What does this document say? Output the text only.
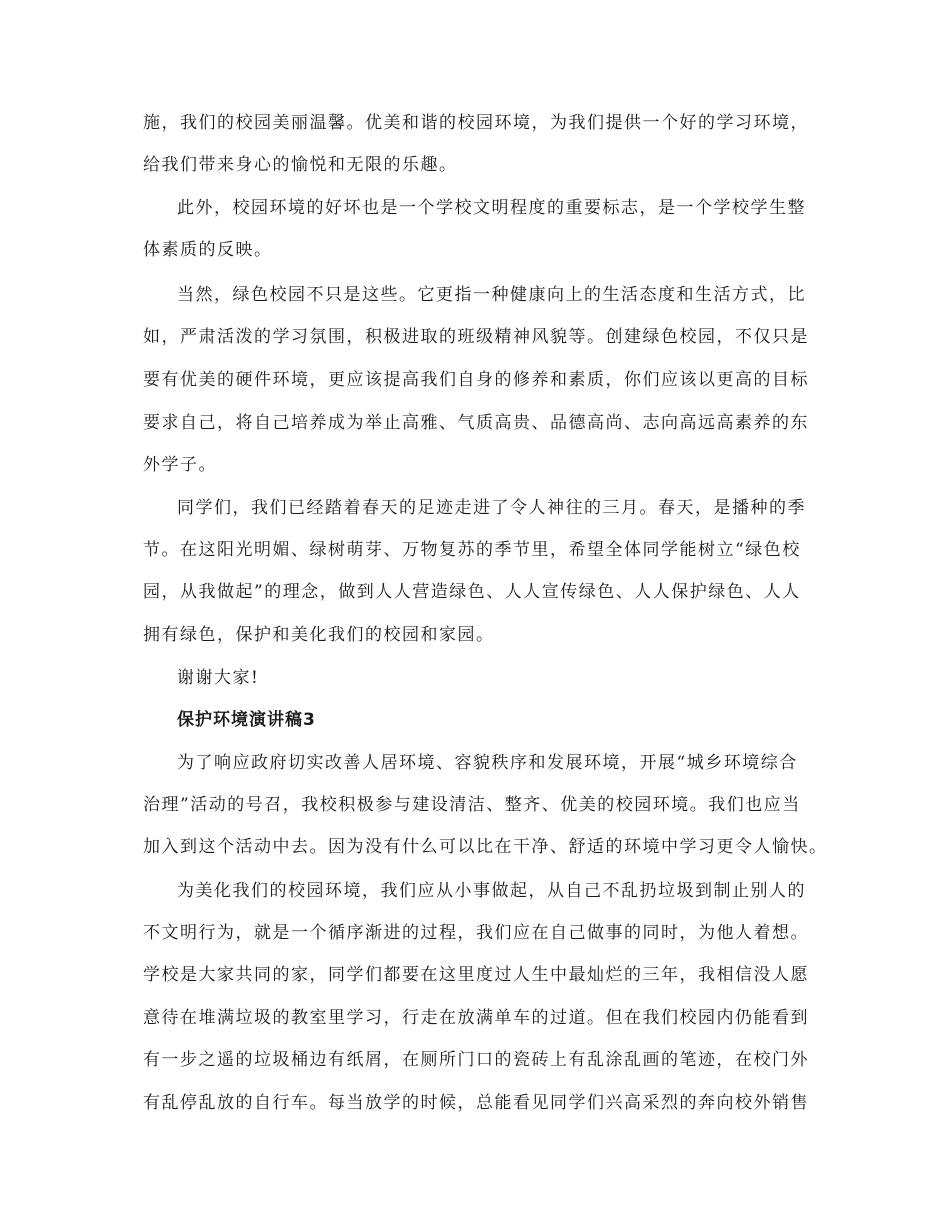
施，我们的校园美丽温馨。优美和谐的校园环境，为我们提供一个好的学习环境，
给我们带来身心的愉悦和无限的乐趣。
此外，校园环境的好坏也是一个学校文明程度的重要标志，是一个学校学生整
体素质的反映。
当然，绿色校园不只是这些。它更指一种健康向上的生活态度和生活方式，比
如，严肃活泼的学习氛围，积极进取的班级精神风貌等。创建绿色校园，不仅只是
要有优美的硬件环境，更应该提高我们自身的修养和素质，你们应该以更高的目标
要求自己，将自己培养成为举止高雅、气质高贵、品德高尚、志向高远高素养的东
外学子。
同学们，我们已经踏着春天的足迹走进了令人神往的三月。春天，是播种的季
节。在这阳光明媚、绿树萌芽、万物复苏的季节里，希望全体同学能树立“绿色校
园，从我做起”的理念，做到人人营造绿色、人人宣传绿色、人人保护绿色、人人
拥有绿色，保护和美化我们的校园和家园。
谢谢大家!
保护环境演讲稿3
为了响应政府切实改善人居环境、容貌秩序和发展环境，开展“城乡环境综合
治理”活动的号召，我校积极参与建设清洁、整齐、优美的校园环境。我们也应当
加入到这个活动中去。因为没有什么可以比在干净、舒适的环境中学习更令人愉快。
为美化我们的校园环境，我们应从小事做起，从自己不乱扔垃圾到制止别人的
不文明行为，就是一个循序渐进的过程，我们应在自己做事的同时，为他人着想。
学校是大家共同的家，同学们都要在这里度过人生中最灿烂的三年，我相信没人愿
意待在堆满垃圾的教室里学习，行走在放满单车的过道。但在我们校园内仍能看到
有一步之遥的垃圾桶边有纸屑，在厕所门口的瓷砖上有乱涂乱画的笔迹，在校门外
有乱停乱放的自行车。每当放学的时候，总能看见同学们兴高采烈的奔向校外销售
